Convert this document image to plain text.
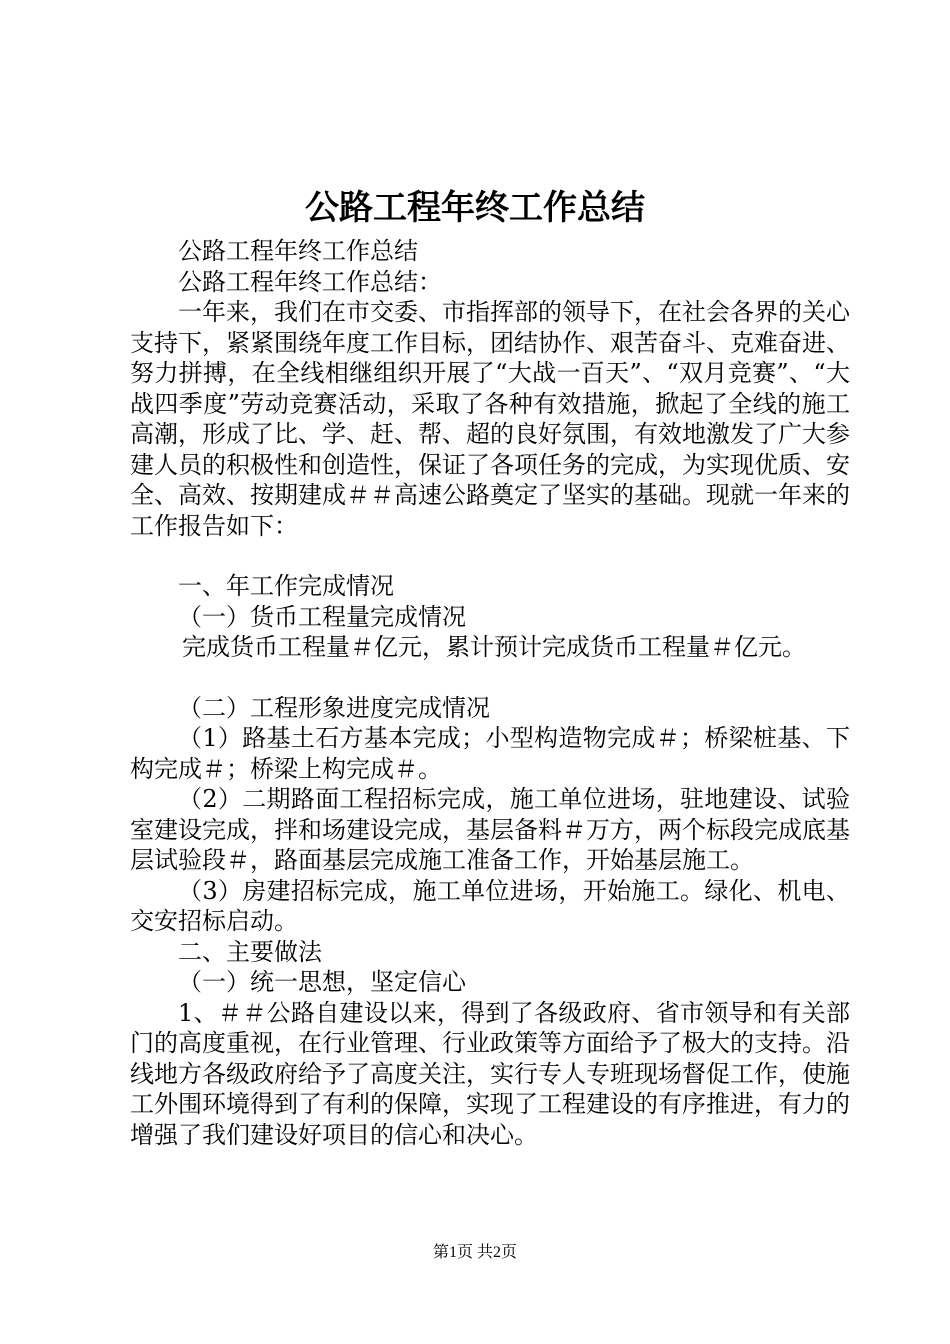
公路工程年终工作总结

公路工程年终工作总结

公路工程年终工作总结：

一年来，我们在市交委、市指挥部的领导下，在社会各界的关心支持下，紧紧围绕年度工作目标，团结协作、艰苦奋斗、克难奋进、努力拼搏，在全线相继组织开展了“大战一百天”、“双月竞赛”、“大战四季度”劳动竞赛活动，采取了各种有效措施，掀起了全线的施工高潮，形成了比、学、赶、帮、超的良好氛围，有效地激发了广大参建人员的积极性和创造性，保证了各项任务的完成，为实现优质、安全、高效、按期建成＃＃高速公路奠定了坚实的基础。现就一年来的工作报告如下：

一、年工作完成情况

（一）货币工程量完成情况

完成货币工程量＃亿元，累计预计完成货币工程量＃亿元。

（二）工程形象进度完成情况

（1）路基土石方基本完成；小型构造物完成＃；桥梁桩基、下构完成＃；桥梁上构完成＃。

（2）二期路面工程招标完成，施工单位进场，驻地建设、试验室建设完成，拌和场建设完成，基层备料＃万方，两个标段完成底基层试验段＃，路面基层完成施工准备工作，开始基层施工。

（3）房建招标完成，施工单位进场，开始施工。绿化、机电、交安招标启动。

二、主要做法

（一）统一思想，坚定信心

1、＃＃公路自建设以来，得到了各级政府、省市领导和有关部门的高度重视，在行业管理、行业政策等方面给予了极大的支持。沿线地方各级政府给予了高度关注，实行专人专班现场督促工作，使施工外围环境得到了有利的保障，实现了工程建设的有序推进，有力的增强了我们建设好项目的信心和决心。

第1页 共2页
